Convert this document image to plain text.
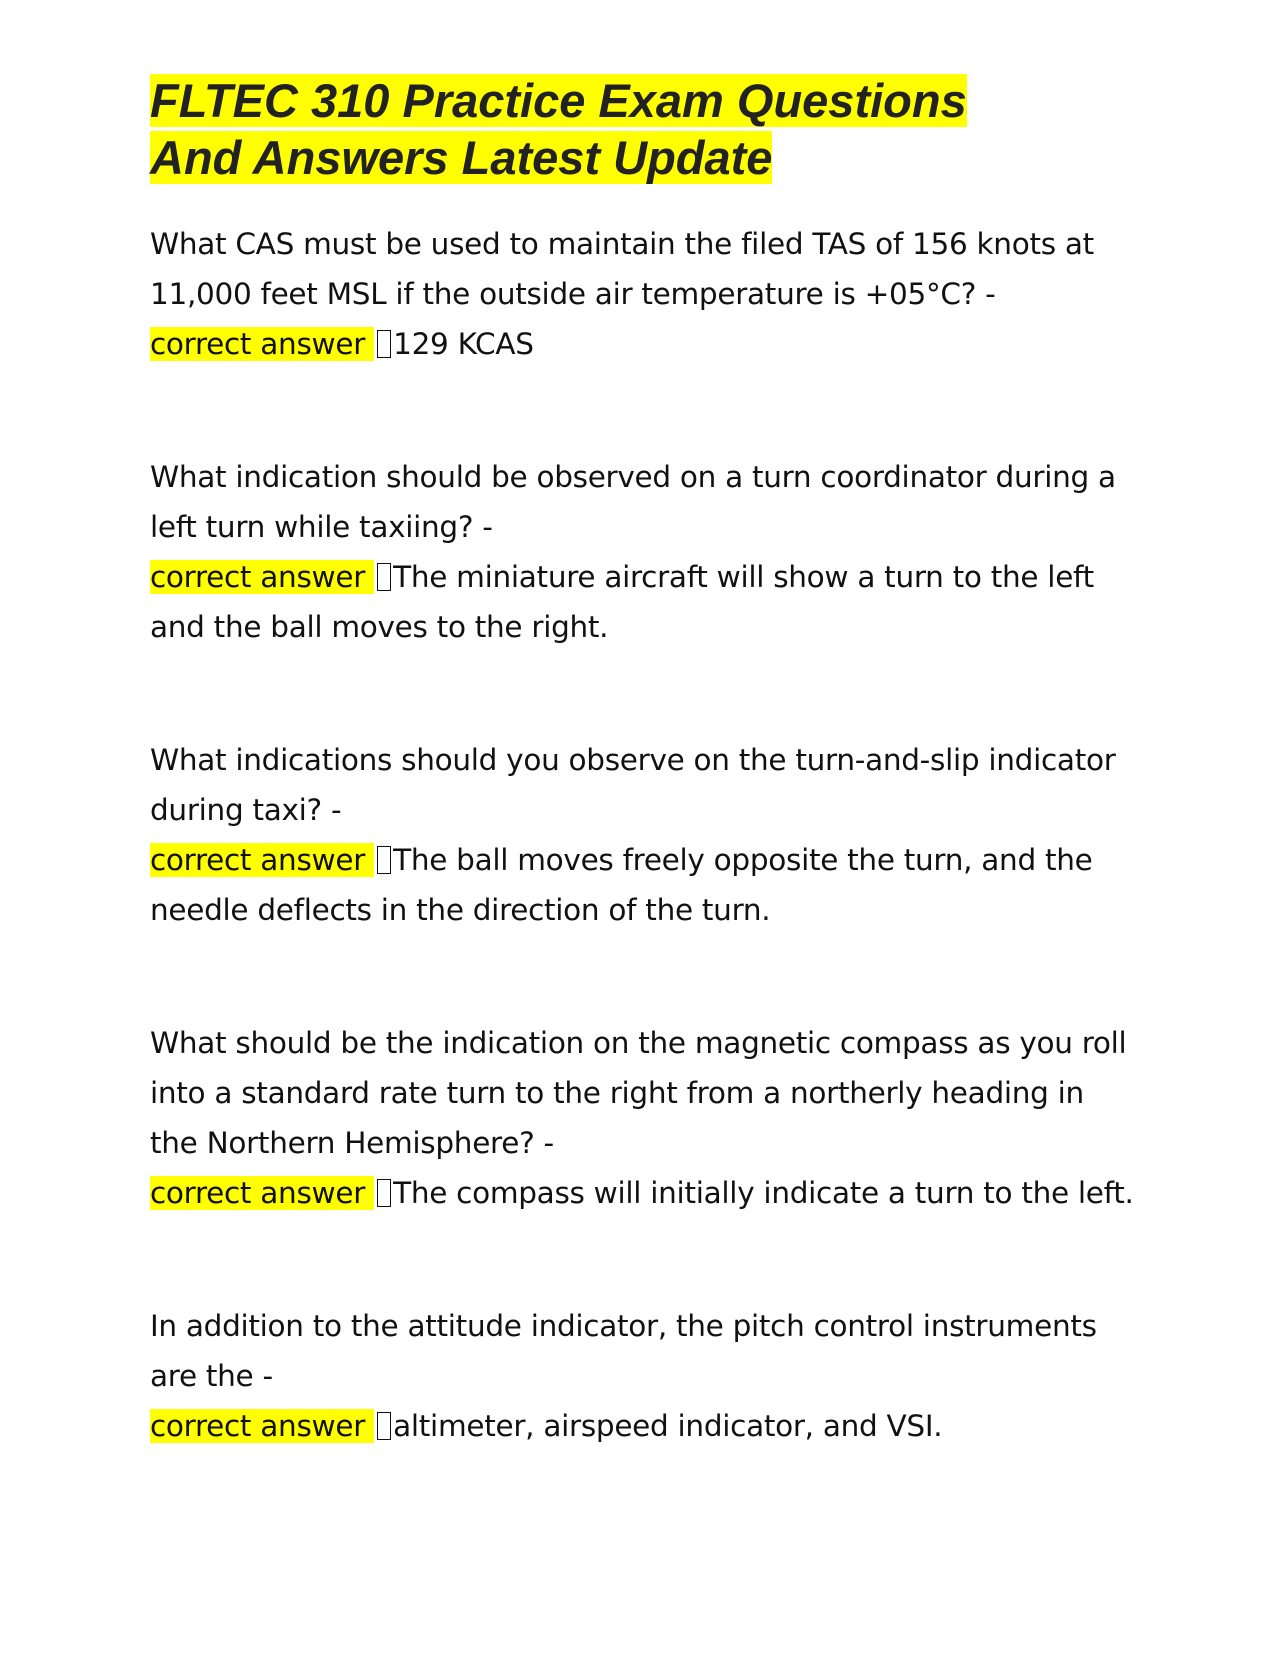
FLTEC 310 Practice Exam Questions
And Answers Latest Update
What CAS must be used to maintain the filed TAS of 156 knots at 11,000 feet MSL if the outside air temperature is +05°C? -
correct answer 129 KCAS
What indication should be observed on a turn coordinator during a left turn while taxiing? -
correct answer The miniature aircraft will show a turn to the left and the ball moves to the right.
What indications should you observe on the turn-and-slip indicator during taxi? -
correct answer The ball moves freely opposite the turn, and the needle deflects in the direction of the turn.
What should be the indication on the magnetic compass as you roll into a standard rate turn to the right from a northerly heading in the Northern Hemisphere? -
correct answer The compass will initially indicate a turn to the left.
In addition to the attitude indicator, the pitch control instruments are the -
correct answer altimeter, airspeed indicator, and VSI.
